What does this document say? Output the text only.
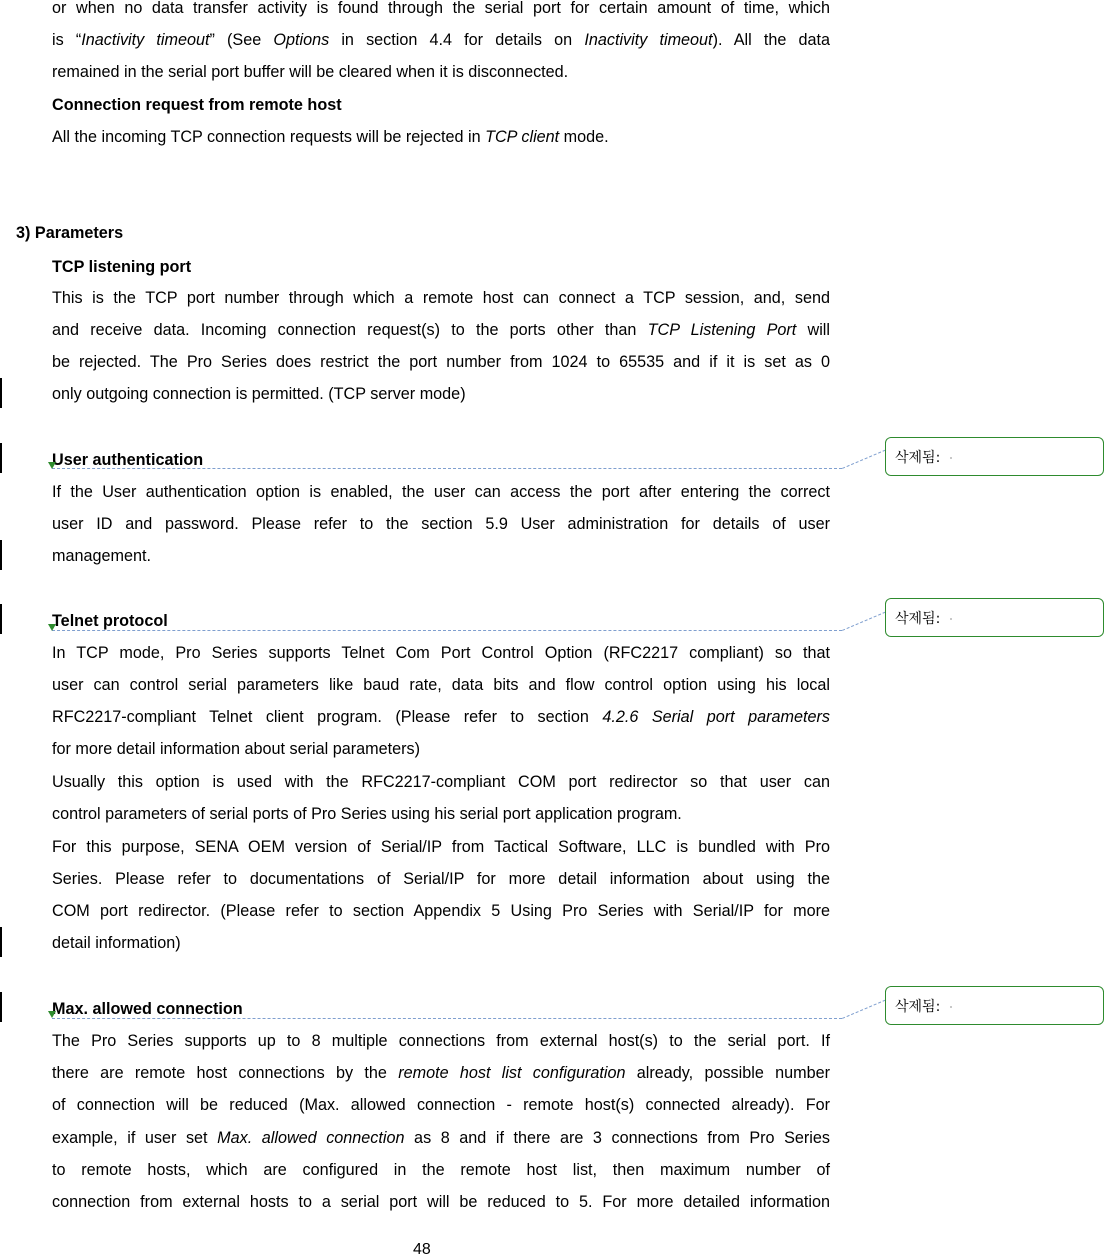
or when no data transfer activity is found through the serial port for certain amount of time, which
is “Inactivity timeout” (See Options in section 4.4 for details on Inactivity timeout). All the data
remained in the serial port buffer will be cleared when it is disconnected.
Connection request from remote host
All the incoming TCP connection requests will be rejected in TCP client mode.
TCP listening port
This is the TCP port number through which a remote host can connect a TCP session, and, send
and receive data. Incoming connection request(s) to the ports other than TCP Listening Port will
be rejected. The Pro Series does restrict the port number from 1024 to 65535 and if it is set as 0
only outgoing connection is permitted. (TCP server mode)
User authentication
If the User authentication option is enabled, the user can access the port after entering the correct
user ID and password. Please refer to the section 5.9 User administration for details of user
management.
Telnet protocol
In TCP mode, Pro Series supports Telnet Com Port Control Option (RFC2217 compliant) so that
user can control serial parameters like baud rate, data bits and flow control option using his local
RFC2217-compliant Telnet client program. (Please refer to section 4.2.6 Serial port parameters
for more detail information about serial parameters)
Usually this option is used with the RFC2217-compliant COM port redirector so that user can
control parameters of serial ports of Pro Series using his serial port application program.
For this purpose, SENA OEM version of Serial/IP from Tactical Software, LLC is bundled with Pro
Series. Please refer to documentations of Serial/IP for more detail information about using the
COM port redirector. (Please refer to section Appendix 5 Using Pro Series with Serial/IP for more
detail information)
Max. allowed connection
The Pro Series supports up to 8 multiple connections from external host(s) to the serial port. If
there are remote host connections by the remote host list configuration already, possible number
of connection will be reduced (Max. allowed connection - remote host(s) connected already). For
example, if user set Max. allowed connection as 8 and if there are 3 connections from Pro Series
to remote hosts, which are configured in the remote host list, then maximum number of
connection from external hosts to a serial port will be reduced to 5. For more detailed information
3) Parameters
삭제됨:
삭제됨:
삭제됨:
48
